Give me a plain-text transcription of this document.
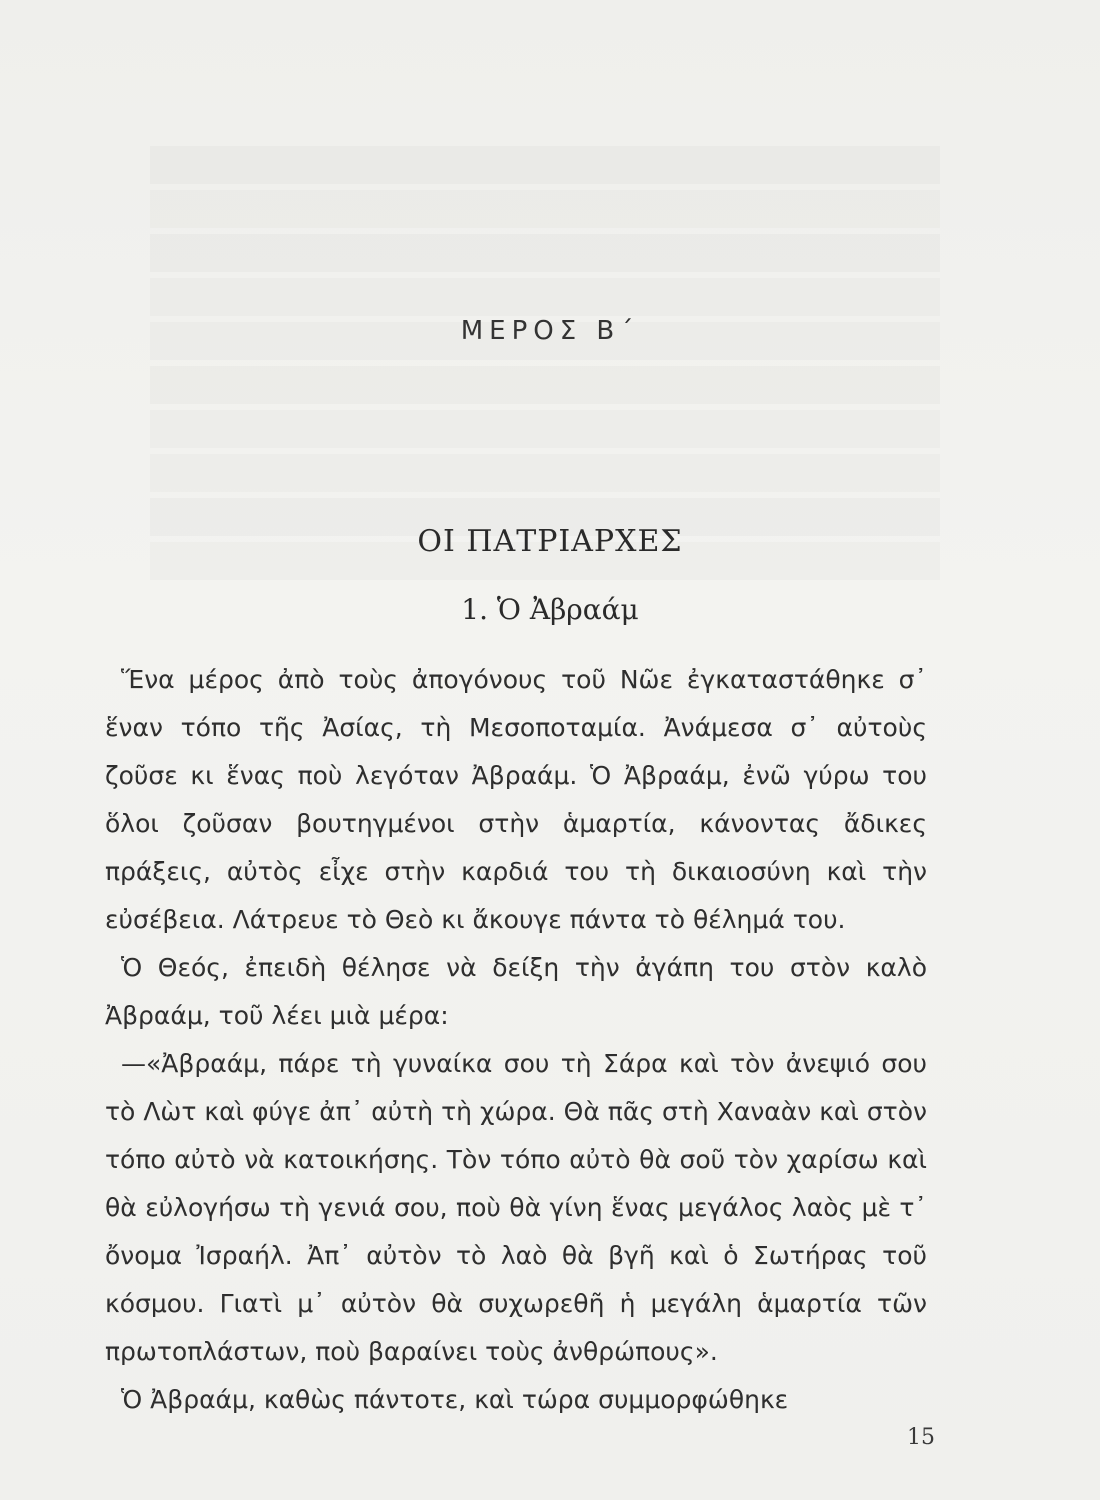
ΜΕΡΟΣ Β΄
ΟΙ ΠΑΤΡΙΑΡΧΕΣ
1. Ὁ Ἀβραάμ

Ἕνα μέρος ἀπὸ τοὺς ἀπογόνους τοῦ Νῶε ἐγκαταστάθηκε σ᾽ ἕναν τόπο τῆς Ἀσίας, τὴ Μεσοποταμία. Ἀνάμεσα σ᾽ αὐτοὺς ζοῦσε κι ἕνας ποὺ λεγόταν Ἀβραάμ. Ὁ Ἀβραάμ, ἐνῶ γύρω του ὅλοι ζοῦσαν βουτηγμένοι στὴν ἁμαρτία, κάνοντας ἄδικες πράξεις, αὐτὸς εἶχε στὴν καρδιά του τὴ δικαιοσύνη καὶ τὴν εὐσέβεια. Λάτρευε τὸ Θεὸ κι ἄκουγε πάντα τὸ θέλημά του.

Ὁ Θεός, ἐπειδὴ θέλησε νὰ δείξη τὴν ἀγάπη του στὸν καλὸ Ἀβραάμ, τοῦ λέει μιὰ μέρα:

—«Ἀβραάμ, πάρε τὴ γυναίκα σου τὴ Σάρα καὶ τὸν ἀνεψιό σου τὸ Λὼτ καὶ φύγε ἀπ᾽ αὐτὴ τὴ χώρα. Θὰ πᾶς στὴ Χαναὰν καὶ στὸν τόπο αὐτὸ νὰ κατοικήσης. Τὸν τόπο αὐτὸ θὰ σοῦ τὸν χαρίσω καὶ θὰ εὐλογήσω τὴ γενιά σου, ποὺ θὰ γίνη ἕνας μεγάλος λαὸς μὲ τ᾽ ὄνομα Ἰσραήλ. Ἀπ᾽ αὐτὸν τὸ λαὸ θὰ βγῆ καὶ ὁ Σωτήρας τοῦ κόσμου. Γιατὶ μ᾽ αὐτὸν θὰ συχωρεθῆ ἡ μεγάλη ἁμαρτία τῶν πρωτοπλάστων, ποὺ βαραίνει τοὺς ἀνθρώπους».

Ὁ Ἀβραάμ, καθὼς πάντοτε, καὶ τώρα συμμορφώθηκε

15
